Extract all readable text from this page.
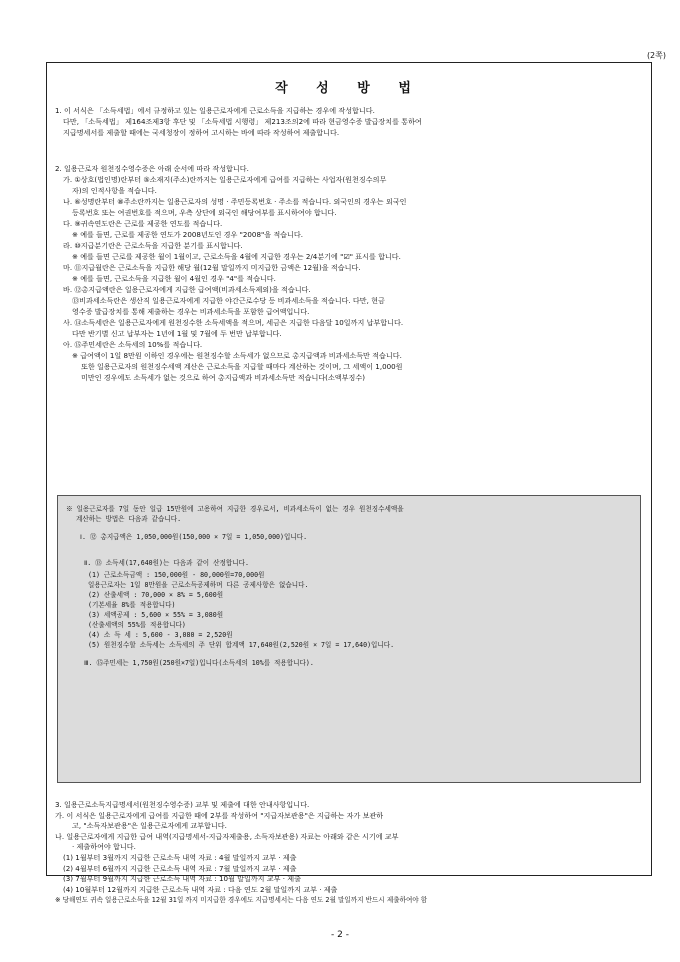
(2쪽)
작 성 방 법

1. 이 서식은 「소득세법」에서 규정하고 있는 일용근로자에게 근로소득을 지급하는 경우에 작성합니다.

다만, 「소득세법」 제164조제3항 후단 및 「소득세법 시행령」 제213조의2에 따라 현금영수증 발급장치를 통하여

지급명세서를 제출할 때에는 국세청장이 정하여 고시하는 바에 따라 작성하여 제출합니다.

2. 일용근로자 원천징수영수증은 아래 순서에 따라 작성합니다.

가. ①상호(법인명)란부터 ⑤소재지(주소)란까지는 일용근로자에게 급여를 지급하는 사업자(원천징수의무

자)의 인적사항을 적습니다.

나. ⑥성명란부터 ⑧주소란까지는 일용근로자의 성명 · 주민등록번호 · 주소를 적습니다. 외국인의 경우는 외국인

등록번호 또는 여권번호를 적으며, 우측 상단에 외국인 해당여부를 표시하여야 합니다.

다. ⑨귀속연도란은 근로를 제공한 연도를 적습니다.

※ 예를 들면, 근로를 제공한 연도가 2008년도인 경우 "2008"을 적습니다.

라. ⑩지급분기란은 근로소득을 지급한 분기를 표시합니다.

※ 예를 들면 근로를 제공한 월이 1월이고, 근로소득을 4월에 지급한 경우는 2/4분기에 "☑" 표시를 합니다.

마. ⑪지급월란은 근로소득을 지급한 해당 월(12월 말일까지 미지급한 금액은 12월)을 적습니다.

※ 예를 들면, 근로소득을 지급한 월이 4월인 경우 "4"를 적습니다.

바. ⑫총지급액란은 일용근로자에게 지급한 급여액(비과세소득제외)을 적습니다.

⑬비과세소득란은 생산직 일용근로자에게 지급한 야간근로수당 등 비과세소득을 적습니다. 다만, 현금

영수증 발급장치를 통해 제출하는 경우는 비과세소득을 포함한 급여액입니다.

사. ⑭소득세란은 일용근로자에게 원천징수한 소득세액을 적으며, 세금은 지급한 다음달 10일까지 납부합니다.

다만 반기별 신고 납부자는 1년에 1월 및 7월에 두 번만 납부합니다.

아. ⑮주민세란은 소득세의 10%를 적습니다.

※ 급여액이 1일 8만원 이하인 경우에는 원천징수할 소득세가 없으므로 총지급액과 비과세소득만 적습니다.

또한 일용근로자의 원천징수세액 계산은 근로소득을 지급할 때마다 계산하는 것이며, 그 세액이 1,000원

미만인 경우에도 소득세가 없는 것으로 하여 총지급액과 비과세소득만 적습니다(소액부징수)

※ 일용근로자를 7일 동안 일급 15만원에 고용하여 지급한 경우로서, 비과세소득이 없는 경우 원천징수세액을

계산하는 방법은 다음과 같습니다.

Ⅰ. ⑫ 총지급액은 1,050,000원(150,000 × 7일 = 1,050,000)입니다.

Ⅱ. ⑬ 소득세(17,640원)는 다음과 같이 산정합니다.

(1) 근로소득금액 : 150,000원 - 80,000원=70,000원

일용근로자는 1일 8만원을 근로소득공제하며 다른 공제사항은 없습니다.

(2) 산출세액 : 70,000 × 8% = 5,600원

(기본세율 8%를 적용합니다)

(3) 세액공제 : 5,600 × 55% = 3,080원

(산출세액의 55%를 적용합니다)

(4) 소 득 세 : 5,600 - 3,080 = 2,520원

(5) 원천징수할 소득세는 소득세의 주 단위 합계액 17,640원(2,520원 × 7일 = 17,640)입니다.

Ⅲ. ⑮주민세는 1,750원(250원×7일)입니다(소득세의 10%를 적용합니다).

3. 일용근로소득지급명세서(원천징수영수증) 교부 및 제출에 대한 안내사항입니다.

가. 이 서식은 일용근로자에게 급여를 지급한 때에 2부를 작성하여 "지급자보관용"은 지급하는 자가 보관하

고, "소득자보관용"은 일용근로자에게 교부합니다.

나. 일용근로자에게 지급한 급여 내역(지급명세서-지급자제출용, 소득자보관용) 자료는 아래와 같은 시기에 교부

· 제출하여야 합니다.

(1) 1월부터 3월까지 지급한 근로소득 내역 자료 : 4월 말일까지 교부 · 제출

(2) 4월부터 6월까지 지급한 근로소득 내역 자료 : 7월 말일까지 교부 · 제출

(3) 7월부터 9월까지 지급한 근로소득 내역 자료 : 10월 말일까지 교부 · 제출

(4) 10월부터 12월까지 지급한 근로소득 내역 자료 : 다음 연도 2월 말일까지 교부 · 제출

※ 당해연도 귀속 일용근로소득을 12월 31일 까지 미지급한 경우에도 지급명세서는 다음 연도 2월 말일까지 반드시 제출하여야 함

- 2 -
